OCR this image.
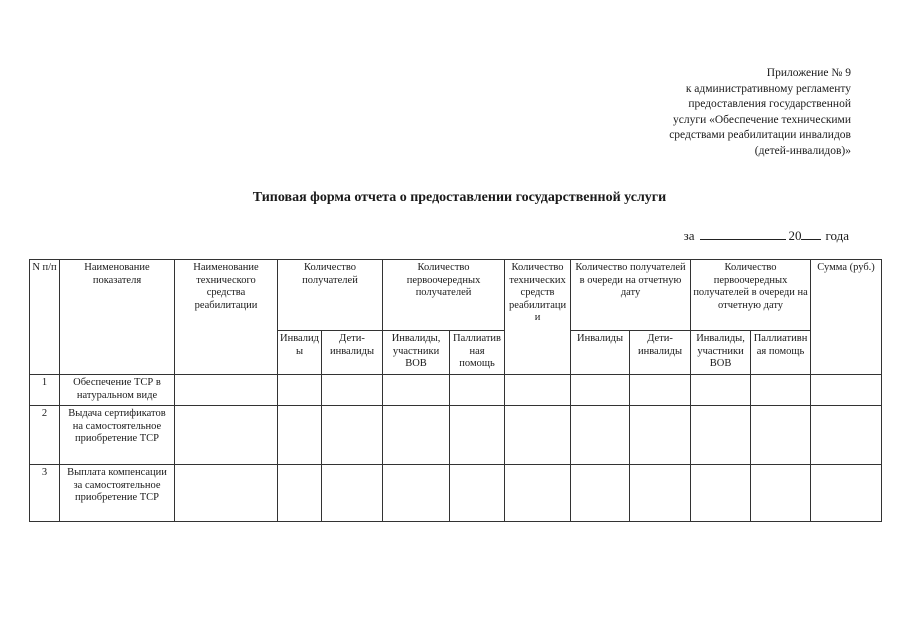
Приложение № 9
к административному регламенту
предоставления государственной
услуги «Обеспечение техническими
средствами реабилитации инвалидов
(детей-инвалидов)»
Типовая форма отчета о предоставлении государственной услуги
за	20 года
N п/п	Наименование показателя	Наименование технического средства реабилитации	Количество получателей		Количество первоочередных получателей		Количество технических средств реабилитации	Количество получателей в очереди на отчетную дату		Количество первоочередных получателей в очереди на отчетную дату		Сумма (руб.)
			Инвалиды	Дети-инвалиды	Инвалиды, участники ВОВ	Паллиативная помощь		Инвалиды	Дети-инвалиды	Инвалиды, участники ВОВ	Паллиативная помощь	
1	Обеспечение ТСР в натуральном виде											
2	Выдача сертификатов на самостоятельное приобретение ТСР											
3	Выплата компенсации за самостоятельное приобретение ТСР											
